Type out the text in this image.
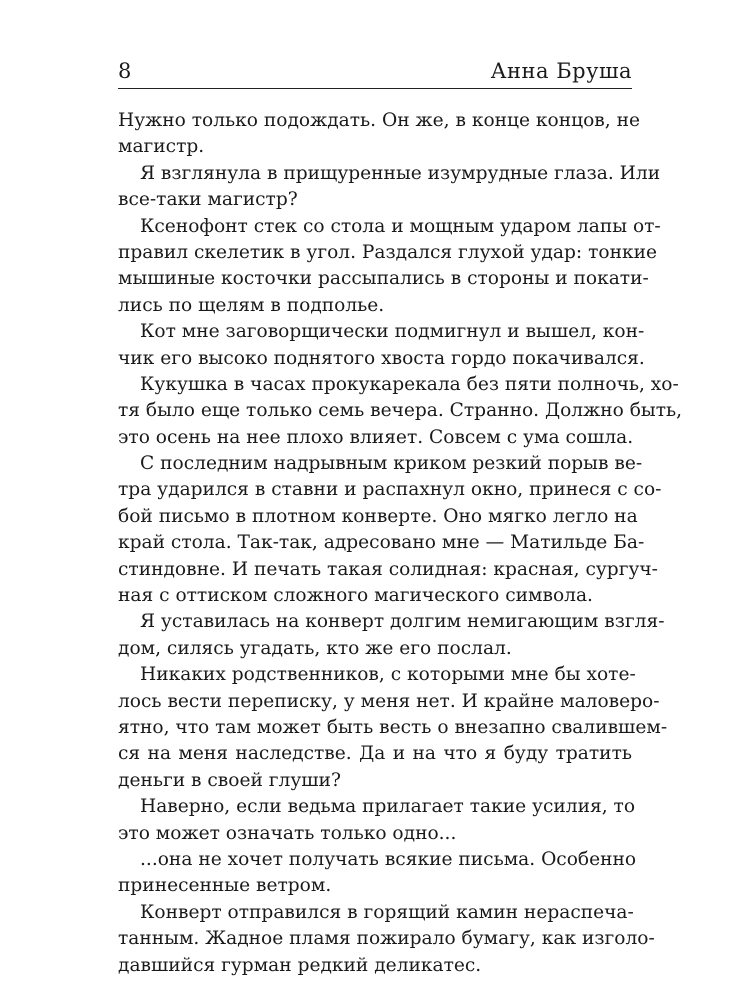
8	Анна Бруша
Нужно только подождать. Он же, в конце концов, не
магистр.
Я взглянула в прищуренные изумрудные глаза. Или
все-таки магистр?
Ксенофонт стек со стола и мощным ударом лапы от-
правил скелетик в угол. Раздался глухой удар: тонкие
мышиные косточки рассыпались в стороны и покати-
лись по щелям в подполье.
Кот мне заговорщически подмигнул и вышел, кон-
чик его высоко поднятого хвоста гордо покачивался.
Кукушка в часах прокукарекала без пяти полночь, хо-
тя было еще только семь вечера. Странно. Должно быть,
это осень на нее плохо влияет. Совсем с ума сошла.
С последним надрывным криком резкий порыв ве-
тра ударился в ставни и распахнул окно, принеся с со-
бой письмо в плотном конверте. Оно мягко легло на
край стола. Так-так, адресовано мне — Матильде Ба-
стиндовне. И печать такая солидная: красная, сургуч-
ная с оттиском сложного магического символа.
Я уставилась на конверт долгим немигающим взгля-
дом, силясь угадать, кто же его послал.
Никаких родственников, с которыми мне бы хоте-
лось вести переписку, у меня нет. И крайне маловеро-
ятно, что там может быть весть о внезапно свалившем-
ся на меня наследстве. Да и на что я буду тратить
деньги в своей глуши?
Наверно, если ведьма прилагает такие усилия, то
это может означать только одно...
...она не хочет получать всякие письма. Особенно
принесенные ветром.
Конверт отправился в горящий камин нераспеча-
танным. Жадное пламя пожирало бумагу, как изголо-
давшийся гурман редкий деликатес.
